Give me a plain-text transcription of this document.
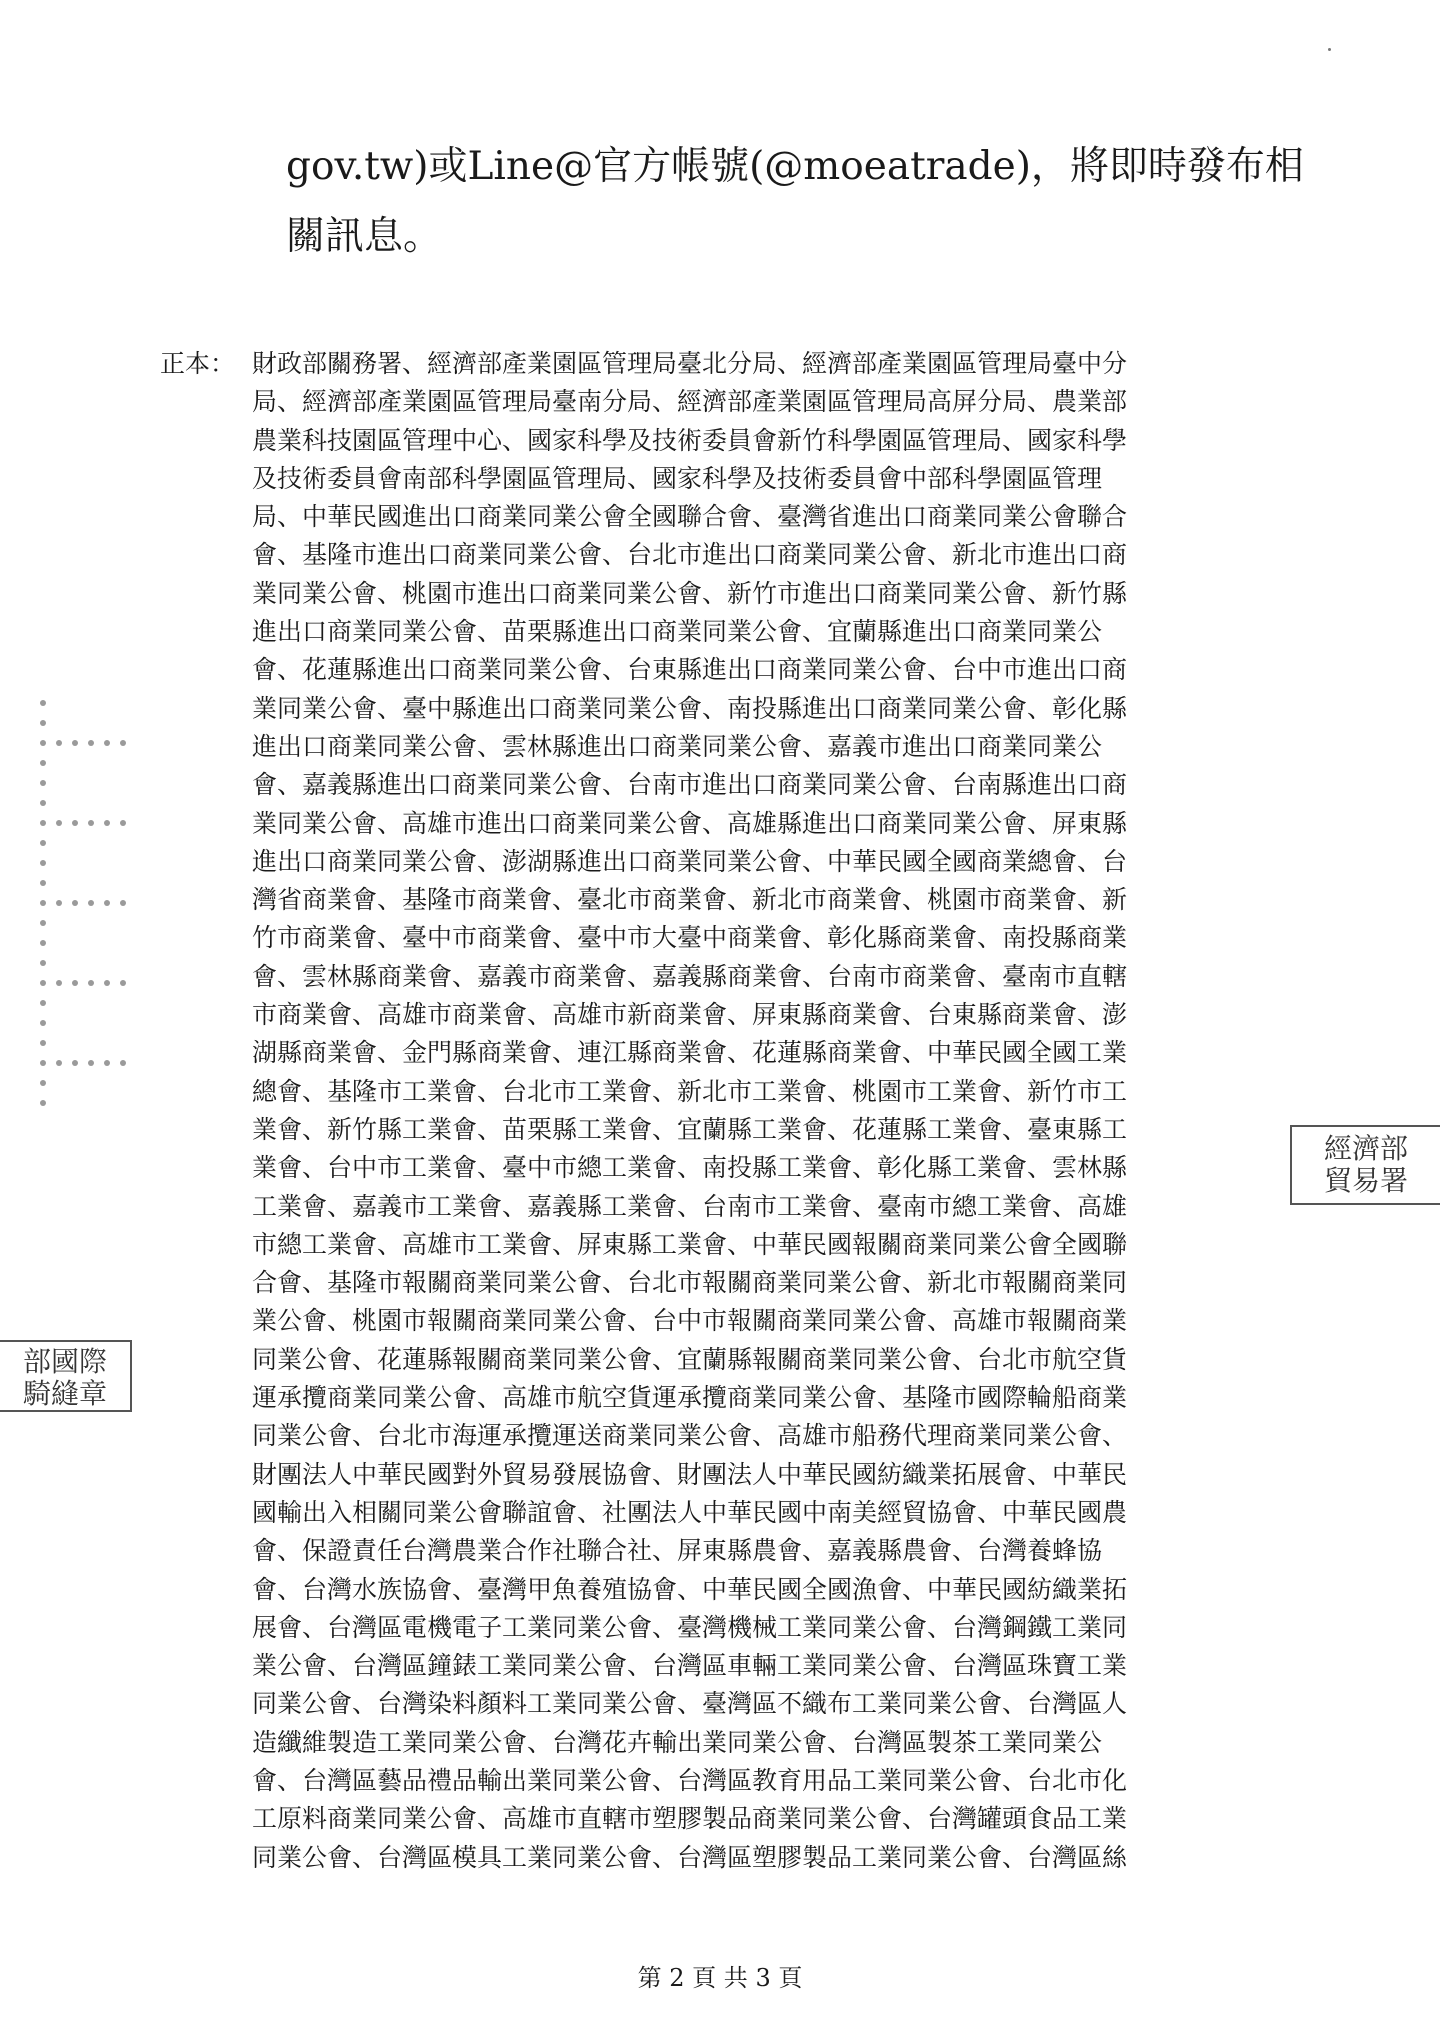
gov.tw)或Line@官方帳號(@moeatrade)，將即時發布相
關訊息。
正本： 財政部關務署、經濟部產業園區管理局臺北分局、經濟部產業園區管理局臺中分
局、經濟部產業園區管理局臺南分局、經濟部產業園區管理局高屏分局、農業部
農業科技園區管理中心、國家科學及技術委員會新竹科學園區管理局、國家科學
及技術委員會南部科學園區管理局、國家科學及技術委員會中部科學園區管理
局、中華民國進出口商業同業公會全國聯合會、臺灣省進出口商業同業公會聯合
會、基隆市進出口商業同業公會、台北市進出口商業同業公會、新北市進出口商
業同業公會、桃園市進出口商業同業公會、新竹市進出口商業同業公會、新竹縣
進出口商業同業公會、苗栗縣進出口商業同業公會、宜蘭縣進出口商業同業公
會、花蓮縣進出口商業同業公會、台東縣進出口商業同業公會、台中市進出口商
業同業公會、臺中縣進出口商業同業公會、南投縣進出口商業同業公會、彰化縣
進出口商業同業公會、雲林縣進出口商業同業公會、嘉義市進出口商業同業公
會、嘉義縣進出口商業同業公會、台南市進出口商業同業公會、台南縣進出口商
業同業公會、高雄市進出口商業同業公會、高雄縣進出口商業同業公會、屏東縣
進出口商業同業公會、澎湖縣進出口商業同業公會、中華民國全國商業總會、台
灣省商業會、基隆市商業會、臺北市商業會、新北市商業會、桃園市商業會、新
竹市商業會、臺中市商業會、臺中市大臺中商業會、彰化縣商業會、南投縣商業
會、雲林縣商業會、嘉義市商業會、嘉義縣商業會、台南市商業會、臺南市直轄
市商業會、高雄市商業會、高雄市新商業會、屏東縣商業會、台東縣商業會、澎
湖縣商業會、金門縣商業會、連江縣商業會、花蓮縣商業會、中華民國全國工業
總會、基隆市工業會、台北市工業會、新北市工業會、桃園市工業會、新竹市工
業會、新竹縣工業會、苗栗縣工業會、宜蘭縣工業會、花蓮縣工業會、臺東縣工
業會、台中市工業會、臺中市總工業會、南投縣工業會、彰化縣工業會、雲林縣
工業會、嘉義市工業會、嘉義縣工業會、台南市工業會、臺南市總工業會、高雄
市總工業會、高雄市工業會、屏東縣工業會、中華民國報關商業同業公會全國聯
合會、基隆市報關商業同業公會、台北市報關商業同業公會、新北市報關商業同
業公會、桃園市報關商業同業公會、台中市報關商業同業公會、高雄市報關商業
同業公會、花蓮縣報關商業同業公會、宜蘭縣報關商業同業公會、台北市航空貨
運承攬商業同業公會、高雄市航空貨運承攬商業同業公會、基隆市國際輪船商業
同業公會、台北市海運承攬運送商業同業公會、高雄市船務代理商業同業公會、
財團法人中華民國對外貿易發展協會、財團法人中華民國紡織業拓展會、中華民
國輸出入相關同業公會聯誼會、社團法人中華民國中南美經貿協會、中華民國農
會、保證責任台灣農業合作社聯合社、屏東縣農會、嘉義縣農會、台灣養蜂協
會、台灣水族協會、臺灣甲魚養殖協會、中華民國全國漁會、中華民國紡織業拓
展會、台灣區電機電子工業同業公會、臺灣機械工業同業公會、台灣鋼鐵工業同
業公會、台灣區鐘錶工業同業公會、台灣區車輛工業同業公會、台灣區珠寶工業
同業公會、台灣染料顏料工業同業公會、臺灣區不織布工業同業公會、台灣區人
造纖維製造工業同業公會、台灣花卉輸出業同業公會、台灣區製茶工業同業公
會、台灣區藝品禮品輸出業同業公會、台灣區教育用品工業同業公會、台北市化
工原料商業同業公會、高雄市直轄市塑膠製品商業同業公會、台灣罐頭食品工業
同業公會、台灣區模具工業同業公會、台灣區塑膠製品工業同業公會、台灣區絲
經濟部
貿易署
部國際
騎縫章
第 2 頁 共 3 頁
